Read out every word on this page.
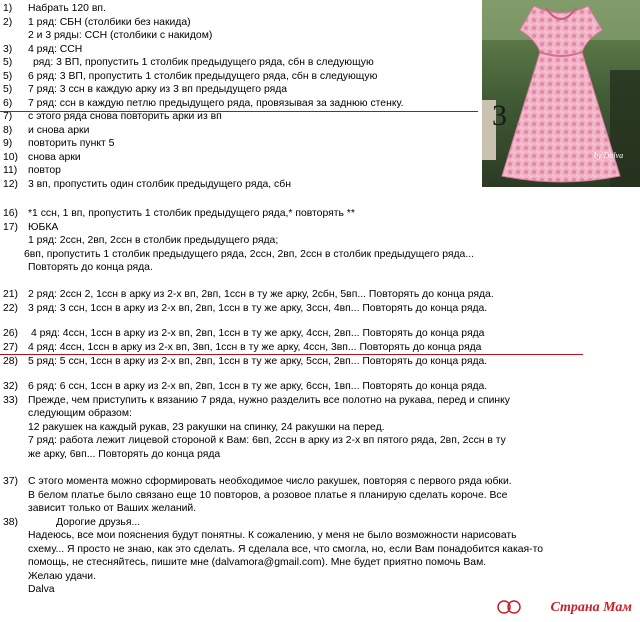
1) Набрать 120 вп.
2) 1 ряд: СБН (столбики без накида)
2 и 3 ряды: ССН (столбики с накидом)
3) 4 ряд: ССН
5) ряд: 3 ВП, пропустить 1 столбик предыдущего ряда, сбн в следующую
5) 6 ряд: 3 ВП, пропустить 1 столбик предыдущего ряда, сбн в следующую
5) 7 ряд: 3 ссн в каждую арку из 3 вп предыдущего ряда
6) 7 ряд: ссн в каждую петлю предыдущего ряда, провязывая за заднюю стенку.
7) с этого ряда снова повторить арки из вп
8) и снова арки
9) повторить пункт 5
10) снова арки
11) повтор
12) 3 вп, пропустить один столбик предыдущего ряда, сбн
16) *1 ссн, 1 вп, пропустить 1 столбик предыдущего ряда,* повторять **
17) ЮБКА
1 ряд: 2ссн, 2вп, 2ссн в столбик предыдущего ряда;
6вп, пропустить 1 столбик предыдущего ряда, 2ссн, 2вп, 2ссн в столбик предыдущего ряда...
Повторять до конца ряда.
21) 2 ряд: 2ссн 2, 1ссн в арку из 2-х вп, 2вп, 1ссн в ту же арку, 2сбн, 5вп... Повторять до конца ряда.
22) 3 ряд: 3 ссн, 1ссн в арку из 2-х вп, 2вп, 1ссн в ту же арку, 3ссн, 4вп... Повторять до конца ряда.
26) 4 ряд: 4ссн, 1ссн в арку из 2-х вп, 2вп, 1ссн в ту же арку, 4ссн, 2вп... Повторять до конца ряда
27) 4 ряд: 4ссн, 1ссн в арку из 2-х вп, 3вп, 1ссн в ту же арку, 4ссн, 3вп... Повторять до конца ряда
28) 5 ряд: 5 ссн, 1ссн в арку из 2-х вп, 2вп, 1ссн в ту же арку, 5ссн, 2вп... Повторять до конца ряда.
32) 6 ряд: 6 ссн, 1ссн в арку из 2-х вп, 2вп, 1ссн в ту же арку, 6ссн, 1вп... Повторять до конца ряда.
33) Прежде, чем приступить к вязанию 7 ряда, нужно разделить все полотно на рукава, перед и спинку
следующим образом:
12 ракушек на каждый рукав, 23 ракушки на спинку, 24 ракушки на перед.
7 ряд: работа лежит лицевой стороной к Вам: 6вп, 2ссн в арку из 2-х вп пятого ряда, 2вп, 2ссн в ту
же арку, 6вп... Повторять до конца ряда
37) С этого момента можно сформировать необходимое число ракушек, повторяя с первого ряда юбки.
В белом платье было связано еще 10 повторов, а розовое платье я планирую сделать короче. Все
зависит только от Ваших желаний.
38)	Дорогие друзья...
Надеюсь, все мои пояснения будут понятны. К сожалению, у меня не было возможности нарисовать
схему... Я просто не знаю, как это сделать. Я сделала все, что смогла, но, если Вам понадобится какая-то
помощь, не стесняйтесь, пишите мне (dalvamora@gmail.com). Мне будет приятно помочь Вам.
Желаю удачи.
Dalva
3
by Dalva
Страна Мам
